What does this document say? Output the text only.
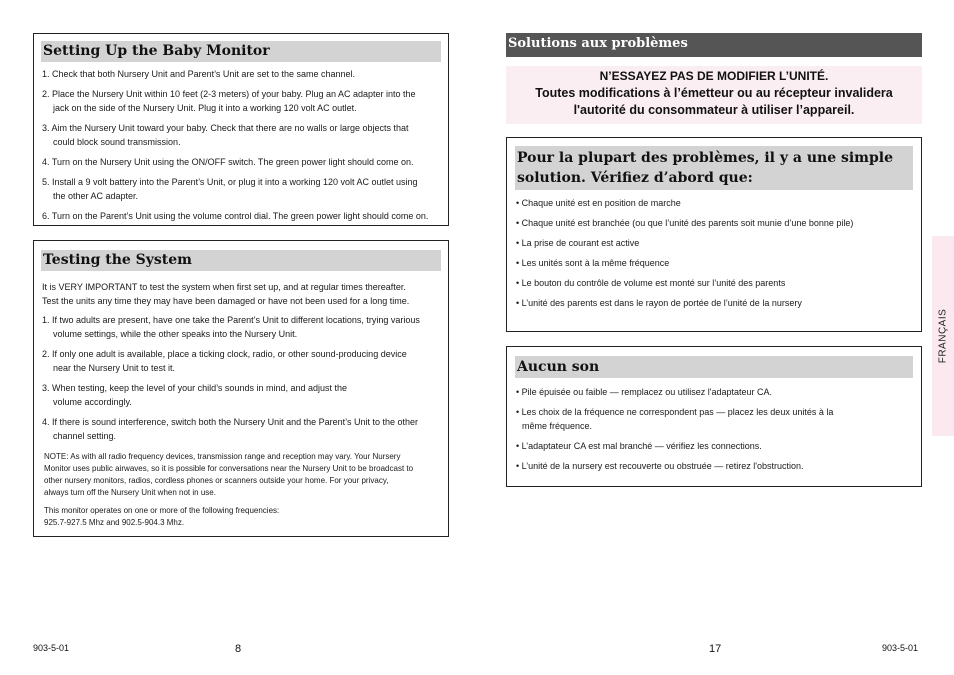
Setting Up the Baby Monitor
1. Check that both Nursery Unit and Parent’s Unit are set to the same channel.
2. Place the Nursery Unit within 10 feet (2-3 meters) of your baby. Plug an AC adapter into the
jack on the side of the Nursery Unit. Plug it into a working 120 volt AC outlet.
3. Aim the Nursery Unit toward your baby. Check that there are no walls or large objects that
could block sound transmission.
4. Turn on the Nursery Unit using the ON/OFF switch. The green power light should come on.
5. Install a 9 volt battery into the Parent’s Unit, or plug it into a working 120 volt AC outlet using
the other AC adapter.
6. Turn on the Parent’s Unit using the volume control dial. The green power light should come on.
Testing the System
It is VERY IMPORTANT to test the system when first set up, and at regular times thereafter.
Test the units any time they may have been damaged or have not been used for a long time.
1. If two adults are present, have one take the Parent’s Unit to different locations, trying various
volume settings, while the other speaks into the Nursery Unit.
2. If only one adult is available, place a ticking clock, radio, or other sound-producing device
near the Nursery Unit to test it.
3. When testing, keep the level of your child’s sounds in mind, and adjust the
volume accordingly.
4. If there is sound interference, switch both the Nursery Unit and the Parent’s Unit to the other
channel setting.
NOTE: As with all radio frequency devices, transmission range and reception may vary. Your Nursery
Monitor uses public airwaves, so it is possible for conversations near the Nursery Unit to be broadcast to
other nursery monitors, radios, cordless phones or scanners outside your home. For your privacy,
always turn off the Nursery Unit when not in use.
This monitor operates on one or more of the following frequencies:
925.7-927.5 Mhz and 902.5-904.3 Mhz.
903-5-01	8
Solutions aux problèmes
N’ESSAYEZ PAS DE MODIFIER L’UNITÉ.
Toutes modifications à l’émetteur ou au récepteur invalidera
l'autorité du consommateur à utiliser l’appareil.
Pour la plupart des problèmes, il y a une simple
solution. Vérifiez d’abord que:
• Chaque unité est en position de marche
• Chaque unité est branchée (ou que l’unité des parents soit munie d’une bonne pile)
• La prise de courant est active
• Les unités sont à la même fréquence
• Le bouton du contrôle de volume est monté sur l’unité des parents
• L’unité des parents est dans le rayon de portée de l’unité de la nursery
Aucun son
• Pile épuisée ou faible — remplacez ou utilisez l'adaptateur CA.
• Les choix de la fréquence ne correspondent pas — placez les deux unités à la
même fréquence.
• L’adaptateur CA est mal branché — vérifiez les connections.
• L’unité de la nursery est recouverte ou obstruée — retirez l'obstruction.
FRANÇAIS
17	903-5-01
